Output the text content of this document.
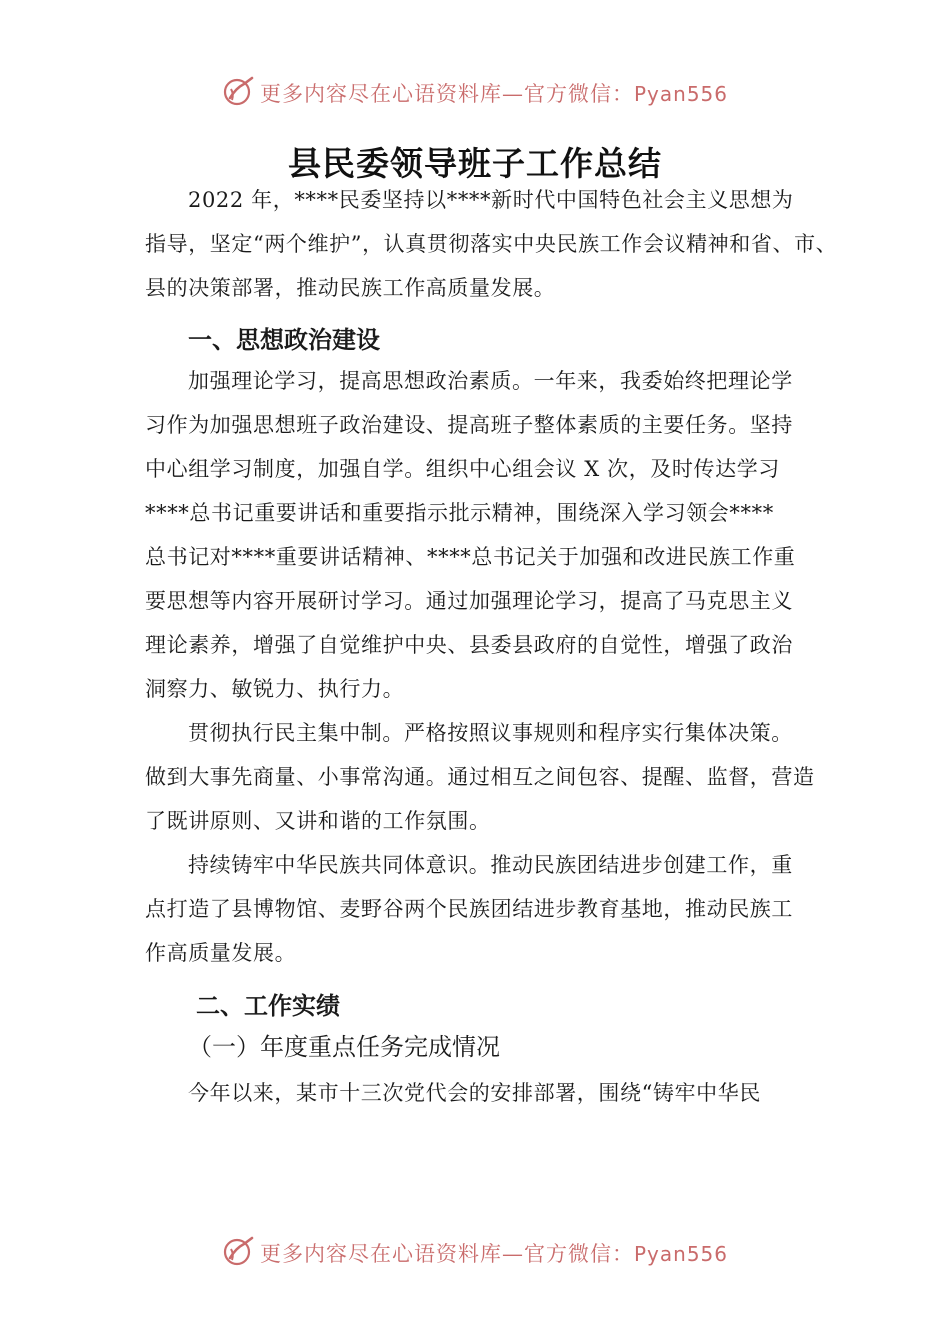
更多内容尽在心语资料库—官方微信：Pyan556
县民委领导班子工作总结
2022 年，****民委坚持以****新时代中国特色社会主义思想为
指导，坚定“两个维护”，认真贯彻落实中央民族工作会议精神和省、市、
县的决策部署，推动民族工作高质量发展。
一、思想政治建设
加强理论学习，提高思想政治素质。一年来，我委始终把理论学
习作为加强思想班子政治建设、提高班子整体素质的主要任务。坚持
中心组学习制度，加强自学。组织中心组会议 X 次，及时传达学习
****总书记重要讲话和重要指示批示精神，围绕深入学习领会****
总书记对****重要讲话精神、****总书记关于加强和改进民族工作重
要思想等内容开展研讨学习。通过加强理论学习，提高了马克思主义
理论素养，增强了自觉维护中央、县委县政府的自觉性，增强了政治
洞察力、敏锐力、执行力。
贯彻执行民主集中制。严格按照议事规则和程序实行集体决策。
做到大事先商量、小事常沟通。通过相互之间包容、提醒、监督，营造
了既讲原则、又讲和谐的工作氛围。
持续铸牢中华民族共同体意识。推动民族团结进步创建工作，重
点打造了县博物馆、麦野谷两个民族团结进步教育基地，推动民族工
作高质量发展。
二、工作实绩
（一）年度重点任务完成情况
今年以来，某市十三次党代会的安排部署，围绕“铸牢中华民
更多内容尽在心语资料库—官方微信：Pyan556
